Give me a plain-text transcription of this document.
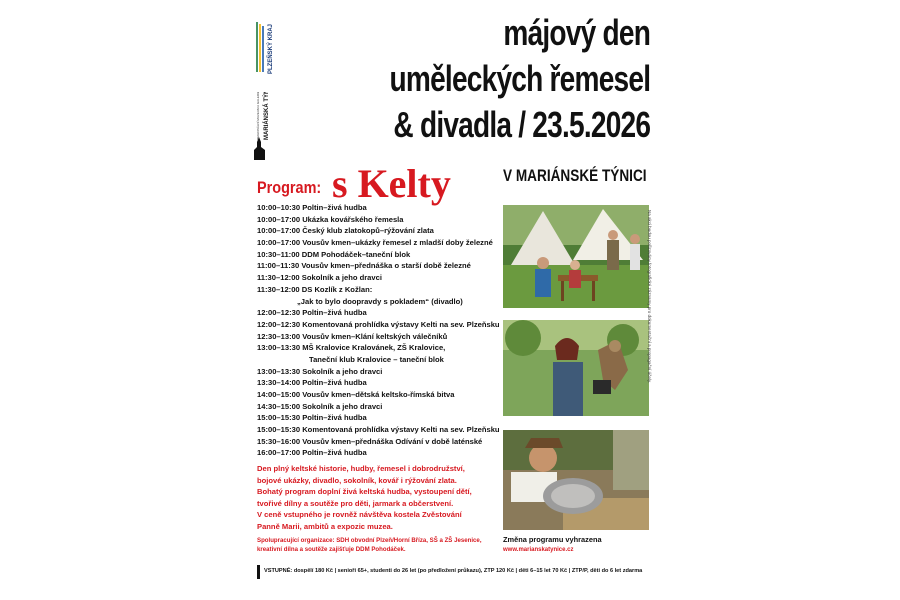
PLZEŇSKÝ KRAJ
REGIONÁLNÍ MUZEUM A GALERIE MARIÁNSKÁ TÝNICE
májový den
uměleckých řemesel
& divadla / 23.5.2026
Program: s Kelty	V MARIÁNSKÉ TÝNICI
10:00–10:30 Poltin–živá hudba
10:00–17:00 Ukázka kovářského řemesla
10:00–17:00 Český klub zlatokopů–rýžování zlata
10:00–17:00 Vousův kmen–ukázky řemesel z mladší doby železné
10:30–11:00 DDM Pohodáček–taneční blok
11:00–11:30 Vousův kmen–přednáška o starší době železné
11:30–12:00 Sokolník a jeho dravci
11:30–12:00 DS Kozlík z Kožlan:
„Jak to bylo doopravdy s pokladem“ (divadlo)
12:00–12:30 Poltin–živá hudba
12:00–12:30 Komentovaná prohlídka výstavy Kelti na sev. Plzeňsku
12:30–13:00 Vousův kmen–Klání keltských válečníků
13:00–13:30 MŠ Kralovice Kralovánek, ZŠ Kralovice,
Taneční klub Kralovice – taneční blok
13:00–13:30 Sokolník a jeho dravci
13:30–14:00 Poltin–živá hudba
14:00–15:00 Vousův kmen–dětská keltsko-římská bitva
14:30–15:00 Sokolník a jeho dravci
15:00–15:30 Poltin–živá hudba
15:00–15:30 Komentovaná prohlídka výstavy Kelti na sev. Plzeňsku
15:30–16:00 Vousův kmen–přednáška Odívání v době laténské
16:00–17:00 Poltin–živá hudba
Na akci budou pořizovány fotografické záznamy pro dokumentační a propagační účely.
Den plný keltské historie, hudby, řemesel i dobrodružství,
bojové ukázky, divadlo, sokolník, kovář i rýžování zlata.
Bohatý program doplní živá keltská hudba, vystoupení dětí,
tvořivé dílny a soutěže pro děti, jarmark a občerstvení.
V ceně vstupného je rovněž návštěva kostela Zvěstování
Panně Marii, ambitů a expozic muzea.
Spolupracující organizace: SDH obvodní Plzeň/Horní Bříza, SŠ a ZŠ Jesenice,
kreativní dílna a soutěže zajišťuje DDM Pohodáček.
Změna programu vyhrazena
www.marianskatynice.cz
VSTUPNÉ: dospělí 180 Kč | senioři 65+, studenti do 26 let (po předložení průkazu), ZTP 120 Kč | děti 6–15 let 70 Kč | ZTP/P, děti do 6 let zdarma
